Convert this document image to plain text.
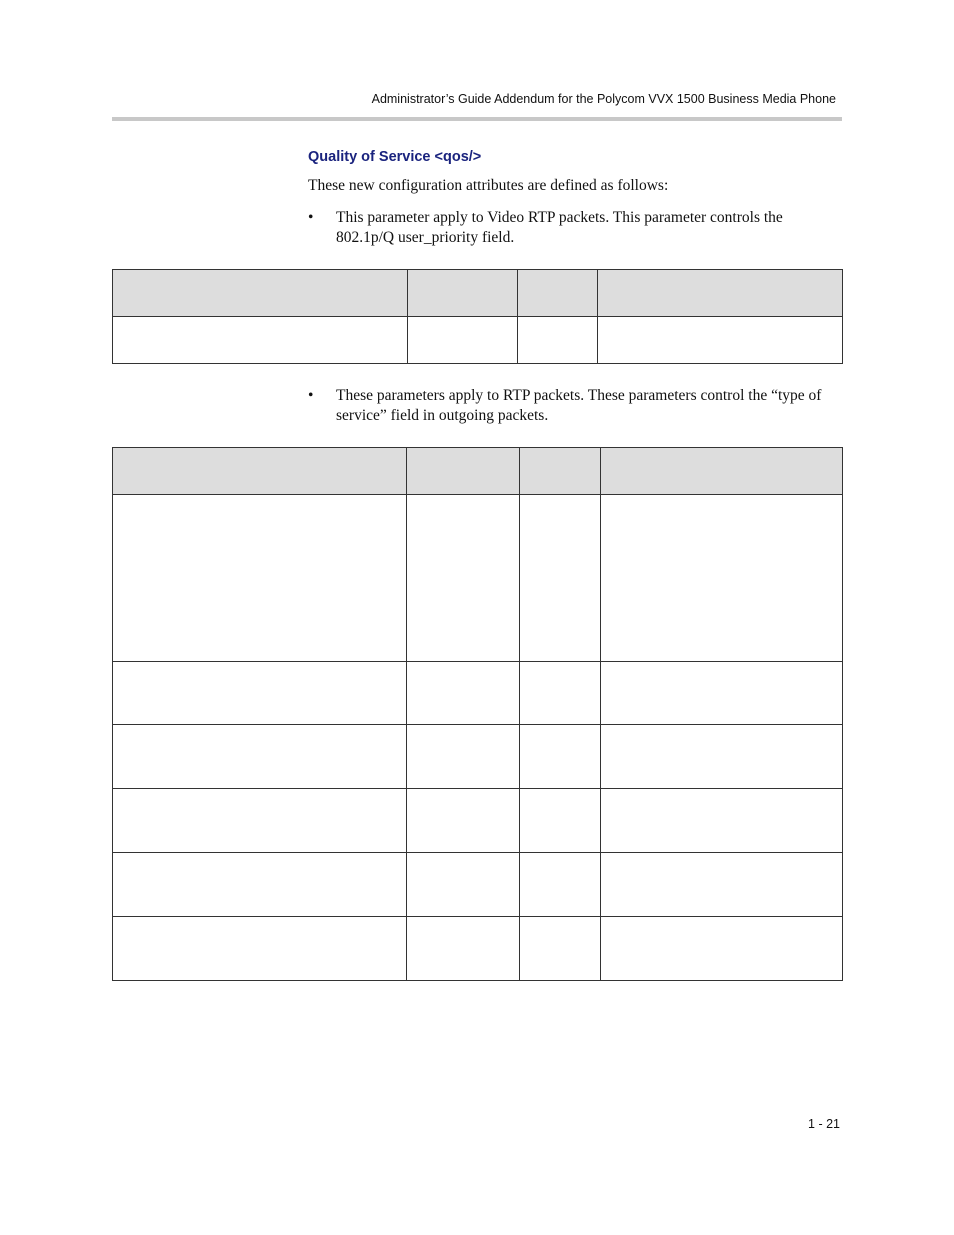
Administrator’s Guide Addendum for the Polycom VVX 1500 Business Media Phone
Quality of Service <qos/>
These new configuration attributes are defined as follows:
• This parameter apply to Video RTP packets. This parameter controls the 802.1p/Q user_priority field.

• These parameters apply to RTP packets. These parameters control the “type of service” field in outgoing packets.

1 - 21
